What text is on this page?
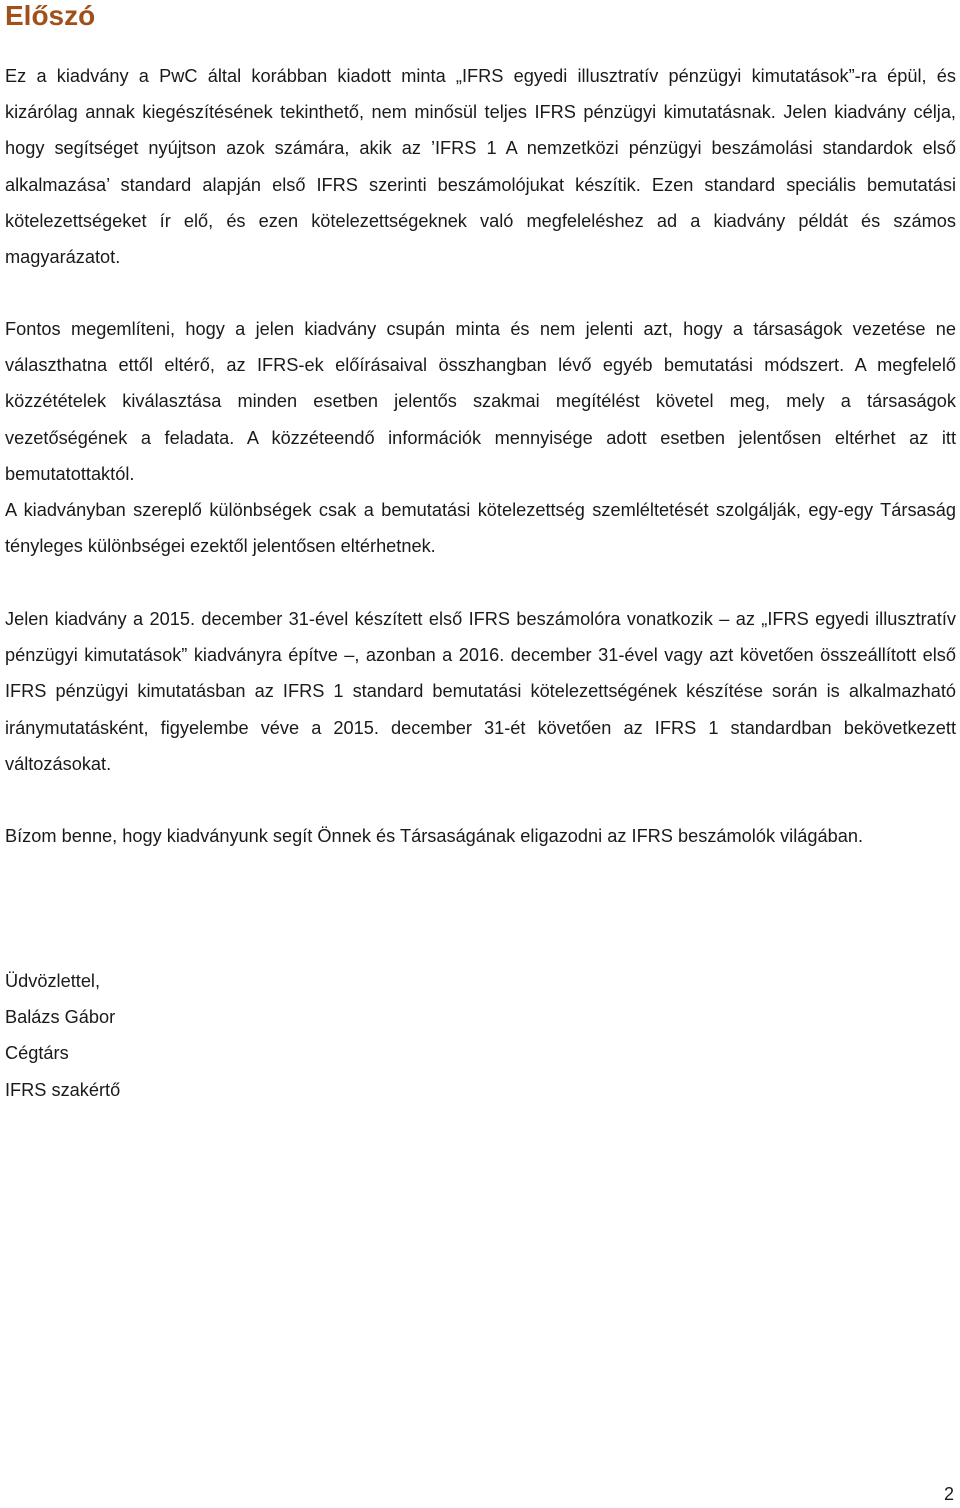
Előszó

Ez a kiadvány a PwC által korábban kiadott minta „IFRS egyedi illusztratív pénzügyi kimutatások”-ra épül, és kizárólag annak kiegészítésének tekinthető, nem minősül teljes IFRS pénzügyi kimutatásnak. Jelen kiadvány célja, hogy segítséget nyújtson azok számára, akik az ’IFRS 1 A nemzetközi pénzügyi beszámolási standardok első alkalmazása’ standard alapján első IFRS szerinti beszámolójukat készítik. Ezen standard speciális bemutatási kötelezettségeket ír elő, és ezen kötelezettségeknek való megfeleléshez ad a kiadvány példát és számos magyarázatot.

Fontos megemlíteni, hogy a jelen kiadvány csupán minta és nem jelenti azt, hogy a társaságok vezetése ne választhatna ettől eltérő, az IFRS-ek előírásaival összhangban lévő egyéb bemutatási módszert. A megfelelő közzétételek kiválasztása minden esetben jelentős szakmai megítélést követel meg, mely a társaságok vezetőségének a feladata. A közzéteendő információk mennyisége adott esetben jelentősen eltérhet az itt bemutatottaktól.

A kiadványban szereplő különbségek csak a bemutatási kötelezettség szemléltetését szolgálják, egy-egy Társaság tényleges különbségei ezektől jelentősen eltérhetnek.

Jelen kiadvány a 2015. december 31-ével készített első IFRS beszámolóra vonatkozik – az „IFRS egyedi illusztratív pénzügyi kimutatások” kiadványra építve –, azonban a 2016. december 31-ével vagy azt követően összeállított első IFRS pénzügyi kimutatásban az IFRS 1 standard bemutatási kötelezettségének készítése során is alkalmazható iránymutatásként, figyelembe véve a 2015. december 31-ét követően az IFRS 1 standardban bekövetkezett változásokat.

Bízom benne, hogy kiadványunk segít Önnek és Társaságának eligazodni az IFRS beszámolók világában.

Üdvözlettel,
Balázs Gábor
Cégtárs
IFRS szakértő
2
